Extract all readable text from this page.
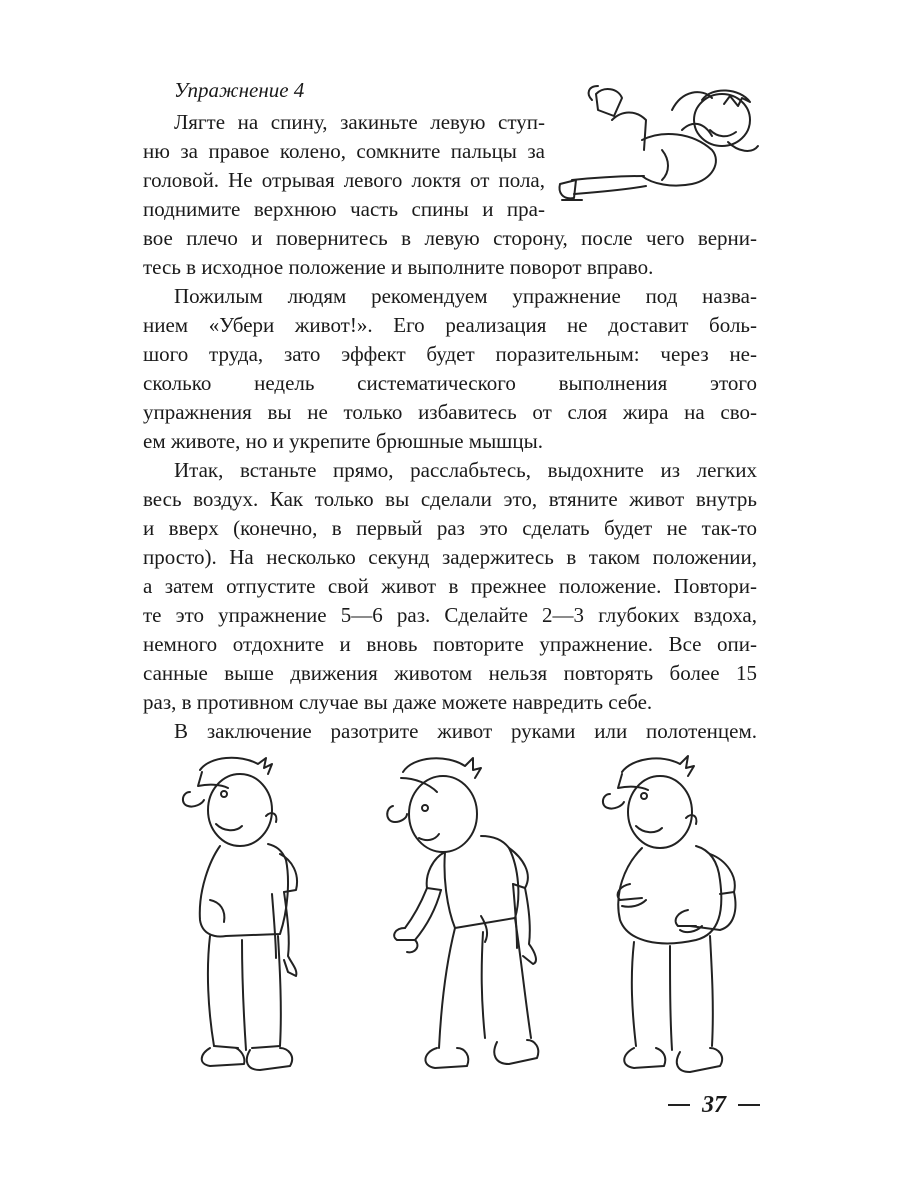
Упражнение 4
Лягте на спину, закиньте левую ступ-
ню за правое колено, сомкните пальцы за
головой. Не отрывая левого локтя от пола,
поднимите верхнюю часть спины и пра-
вое плечо и повернитесь в левую сторону, после чего верни-
тесь в исходное положение и выполните поворот вправо.
Пожилым людям рекомендуем упражнение под назва-
нием «Убери живот!». Его реализация не доставит боль-
шого труда, зато эффект будет поразительным: через не-
сколько недель систематического выполнения этого
упражнения вы не только избавитесь от слоя жира на сво-
ем животе, но и укрепите брюшные мышцы.
Итак, встаньте прямо, расслабьтесь, выдохните из легких
весь воздух. Как только вы сделали это, втяните живот внутрь
и вверх (конечно, в первый раз это сделать будет не так-то
просто). На несколько секунд задержитесь в таком положении,
а затем отпустите свой живот в прежнее положение. Повтори-
те это упражнение 5—6 раз. Сделайте 2—3 глубоких вздоха,
немного отдохните и вновь повторите упражнение. Все опи-
санные выше движения животом нельзя повторять более 15
раз, в противном случае вы даже можете навредить себе.
В заключение разотрите живот руками или полотенцем.
37
